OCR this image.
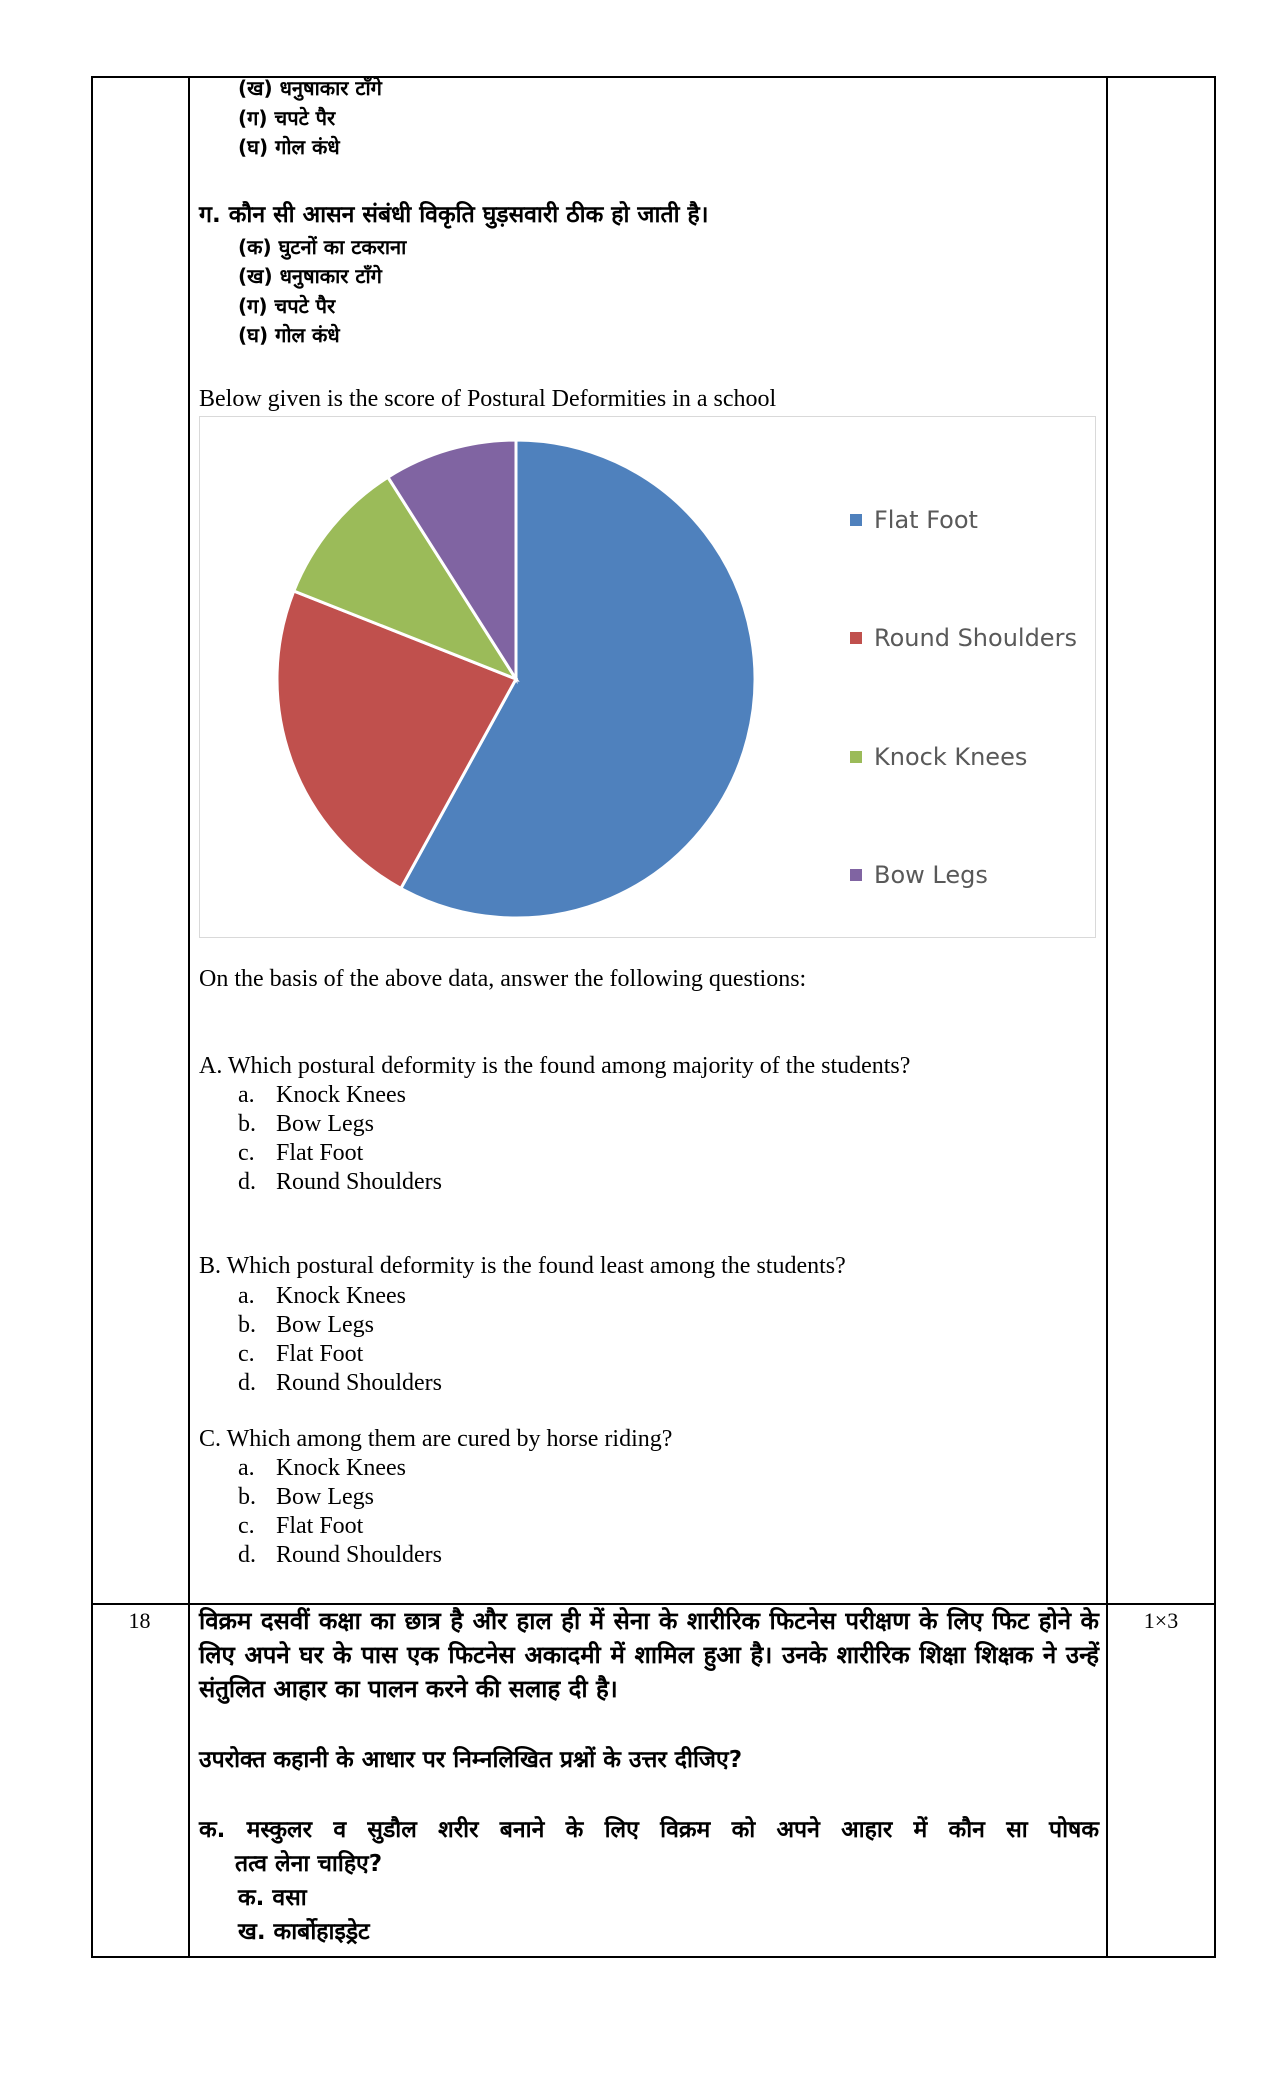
(ख) धनुषाकार टाँगे
(ग) चपटे पैर
(घ) गोल कंधे
ग. कौन सी आसन संबंधी विकृति घुड़सवारी ठीक हो जाती है।
(क) घुटनों का टकराना
(ख) धनुषाकार टाँगे
(ग) चपटे पैर
(घ) गोल कंधे
Below given is the score of Postural Deformities in a school
Flat Foot
Round Shoulders
Knock Knees
Bow Legs
On the basis of the above data, answer the following questions:
A. Which postural deformity is the found among majority of the students?
a. Knock Knees
b. Bow Legs
c. Flat Foot
d. Round Shoulders
B. Which postural deformity is the found least among the students?
a. Knock Knees
b. Bow Legs
c. Flat Foot
d. Round Shoulders
C. Which among them are cured by horse riding?
a. Knock Knees
b. Bow Legs
c. Flat Foot
d. Round Shoulders
18	1×3
विक्रम दसवीं कक्षा का छात्र है और हाल ही में सेना के शारीरिक फिटनेस परीक्षण के लिए फिट होने के लिए अपने घर के पास एक फिटनेस अकादमी में शामिल हुआ है। उनके शारीरिक शिक्षा शिक्षक ने उन्हें संतुलित आहार का पालन करने की सलाह दी है।
उपरोक्त कहानी के आधार पर निम्नलिखित प्रश्नों के उत्तर दीजिए?
क. मस्कुलर व सुडौल शरीर बनाने के लिए विक्रम को अपने आहार में कौन सा पोषक
तत्व लेना चाहिए?
क. वसा
ख. कार्बोहाइड्रेट
